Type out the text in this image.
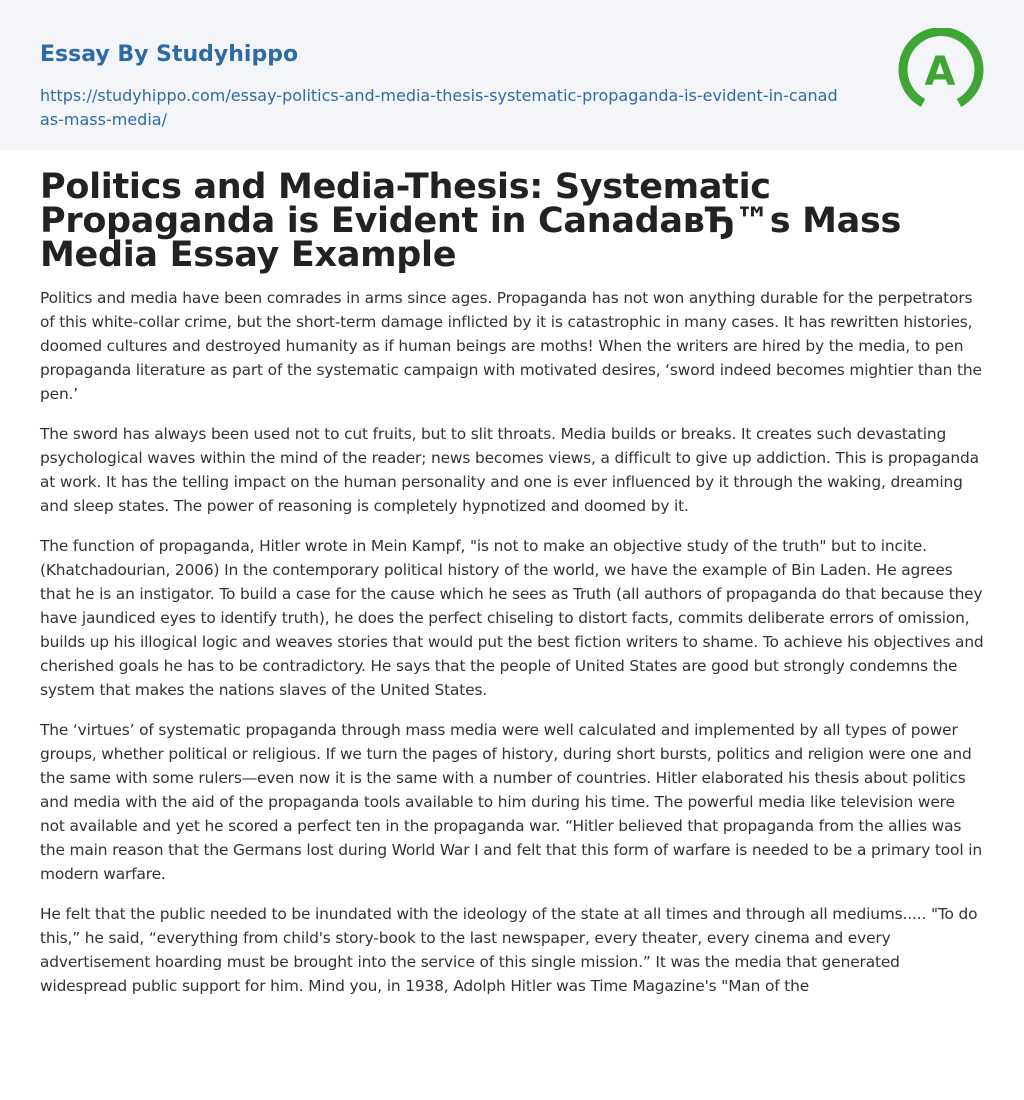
Essay By Studyhippo
https://studyhippo.com/essay-politics-and-media-thesis-systematic-propaganda-is-evident-in-canadas-mass-media/
A
Politics and Media-Thesis: Systematic Propaganda is Evident in CanadaвЂ™s Mass Media Essay Example

Politics and media have been comrades in arms since ages. Propaganda has not won anything durable for the perpetrators of this white-collar crime, but the short-term damage inflicted by it is catastrophic in many cases. It has rewritten histories, doomed cultures and destroyed humanity as if human beings are moths! When the writers are hired by the media, to pen propaganda literature as part of the systematic campaign with motivated desires, ‘sword indeed becomes mightier than the pen.’

The sword has always been used not to cut fruits, but to slit throats. Media builds or breaks. It creates such devastating psychological waves within the mind of the reader; news becomes views, a difficult to give up addiction. This is propaganda at work. It has the telling impact on the human personality and one is ever influenced by it through the waking, dreaming and sleep states. The power of reasoning is completely hypnotized and doomed by it.

The function of propaganda, Hitler wrote in Mein Kampf, "is not to make an objective study of the truth" but to incite. (Khatchadourian, 2006) In the contemporary political history of the world, we have the example of Bin Laden. He agrees that he is an instigator. To build a case for the cause which he sees as Truth (all authors of propaganda do that because they have jaundiced eyes to identify truth), he does the perfect chiseling to distort facts, commits deliberate errors of omission, builds up his illogical logic and weaves stories that would put the best fiction writers to shame. To achieve his objectives and cherished goals he has to be contradictory. He says that the people of United States are good but strongly condemns the system that makes the nations slaves of the United States.

The ‘virtues’ of systematic propaganda through mass media were well calculated and implemented by all types of power groups, whether political or religious. If we turn the pages of history, during short bursts, politics and religion were one and the same with some rulers—even now it is the same with a number of countries. Hitler elaborated his thesis about politics and media with the aid of the propaganda tools available to him during his time. The powerful media like television were not available and yet he scored a perfect ten in the propaganda war. “Hitler believed that propaganda from the allies was the main reason that the Germans lost during World War I and felt that this form of warfare is needed to be a primary tool in modern warfare.

He felt that the public needed to be inundated with the ideology of the state at all times and through all mediums..... "To do this,” he said, “everything from child's story-book to the last newspaper, every theater, every cinema and every advertisement hoarding must be brought into the service of this single mission.” It was the media that generated widespread public support for him. Mind you, in 1938, Adolph Hitler was Time Magazine's "Man of the
